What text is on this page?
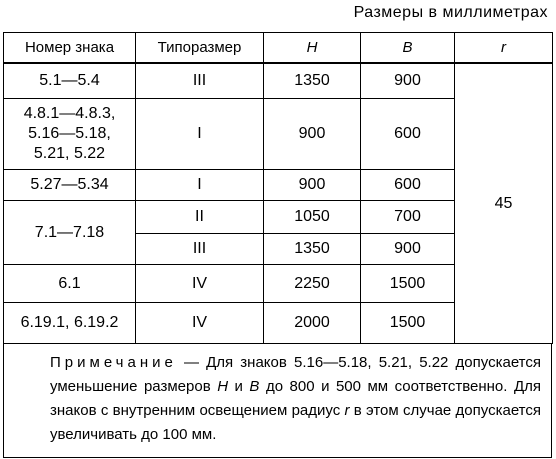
Размеры в миллиметрах
Номер знака	Типоразмер	H	B	r
5.1—5.4	III	1350	900	45

4.8.1—4.8.3,
5.16—5.18,
5.21, 5.22	I	900	600	
5.27—5.34	I	900	600	
7.1—7.18	II	1050	700	
	III	1350	900	
6.1	IV	2250	1500	
6.19.1, 6.19.2	IV	2000	1500	

Примечание — Для знаков 5.16—5.18, 5.21, 5.22 допускается уменьшение размеров H и B до 800 и 500 мм соответственно. Для знаков с внутренним освещением радиус r в этом случае допускается увеличивать до 100 мм.
